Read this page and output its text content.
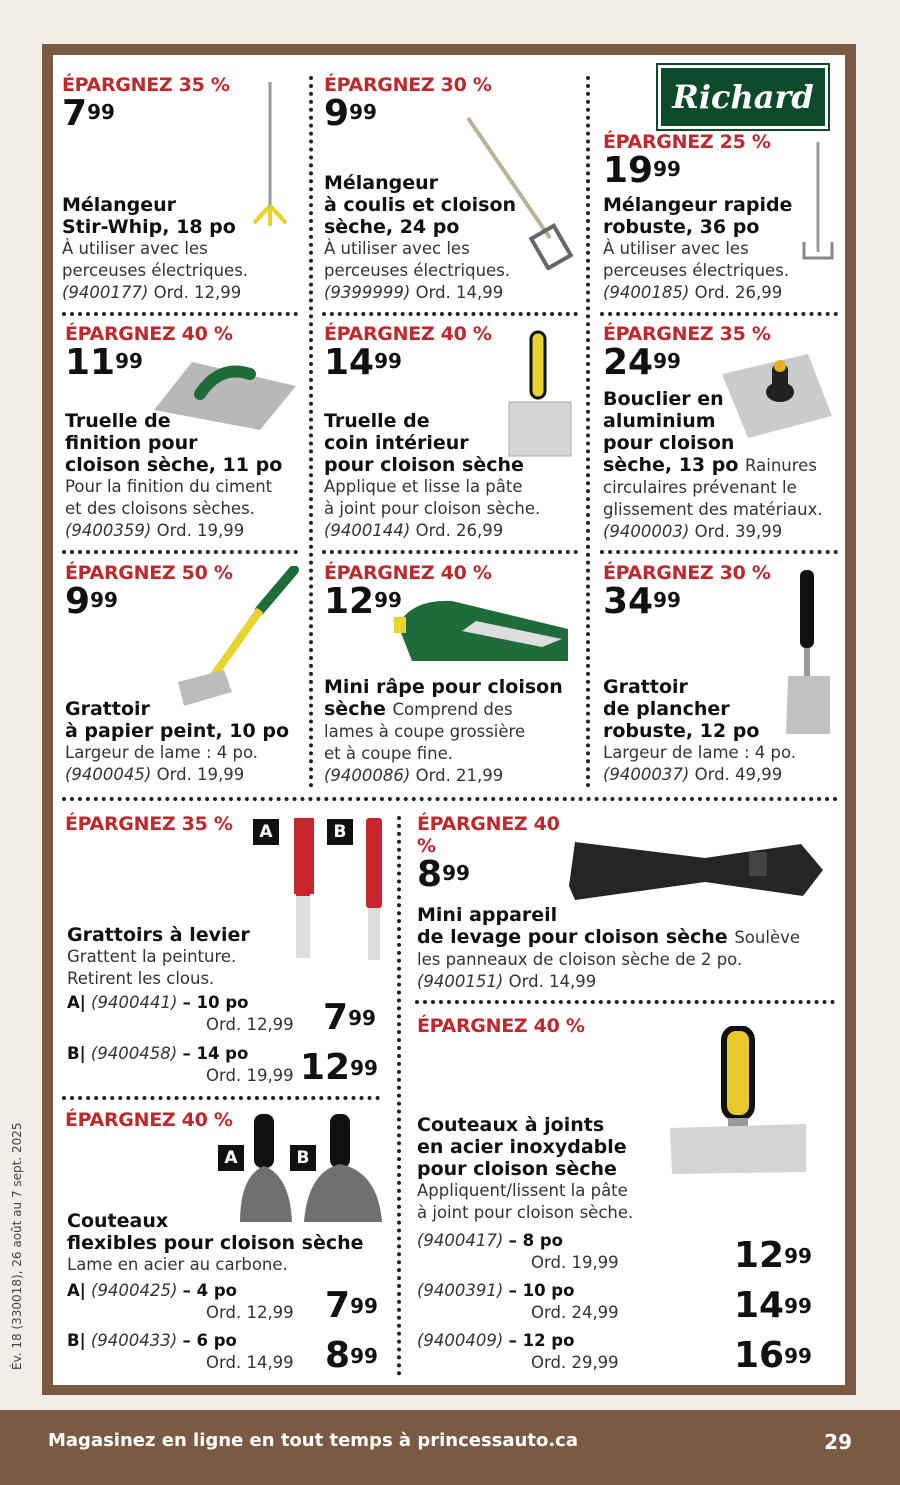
Richard
ÉPARGNEZ 35 %
$7^{99}$
Mélangeur
Stir-Whip, 18 po
À utiliser avec les
perceuses électriques.
(9400177) Ord. 12,99
ÉPARGNEZ 30 %
$9^{99}$
Mélangeur
à coulis et cloison
sèche, 24 po
À utiliser avec les
perceuses électriques.
(9399999) Ord. 14,99
ÉPARGNEZ 25 %
$19^{99}$
Mélangeur rapide
robuste, 36 po
À utiliser avec les
perceuses électriques.
(9400185) Ord. 26,99
ÉPARGNEZ 40 %
$11^{99}$
Truelle de
finition pour
cloison sèche, 11 po
Pour la finition du ciment
et des cloisons sèches.
(9400359) Ord. 19,99
ÉPARGNEZ 40 %
$14^{99}$
Truelle de
coin intérieur
pour cloison sèche
Applique et lisse la pâte
à joint pour cloison sèche.
(9400144) Ord. 26,99
ÉPARGNEZ 35 %
$24^{99}$
Bouclier en
aluminium
pour cloison
sèche, 13 po Rainures
circulaires prévenant le
glissement des matériaux.
(9400003) Ord. 39,99
ÉPARGNEZ 50 %
$9^{99}$
Grattoir
à papier peint, 10 po
Largeur de lame : 4 po.
(9400045) Ord. 19,99
ÉPARGNEZ 40 %
$12^{99}$
Mini râpe pour cloison
sèche Comprend des
lames à coupe grossière
et à coupe fine.
(9400086) Ord. 21,99
ÉPARGNEZ 30 %
$34^{99}$
Grattoir
de plancher
robuste, 12 po
Largeur de lame : 4 po.
(9400037) Ord. 49,99
ÉPARGNEZ 35 %	A	B
Grattoirs à levier
Grattent la peinture.
Retirent les clous.
A| (9400441) – 10 po
Ord. 12,99 $7^{99}$
B| (9400458) – 14 po
Ord. 19,99 $12^{99}$
ÉPARGNEZ 40 %
$8^{99}$
Mini appareil
de levage pour cloison sèche Soulève
les panneaux de cloison sèche de 2 po.
(9400151) Ord. 14,99
ÉPARGNEZ 40 %
A	B
Couteaux
flexibles pour cloison sèche
Lame en acier au carbone.
A| (9400425) – 4 po
Ord. 12,99 $7^{99}$
B| (9400433) – 6 po
Ord. 14,99 $8^{99}$
ÉPARGNEZ 40 %
Couteaux à joints
en acier inoxydable
pour cloison sèche
Appliquent/lissent la pâte
à joint pour cloison sèche.
(9400417) – 8 po
Ord. 19,99	$12^{99}$
(9400391) – 10 po
Ord. 24,99	$14^{99}$
(9400409) – 12 po
Ord. 29,99	$16^{99}$
Év. 18 (330018), 26 août au 7 sept. 2025
Magasinez en ligne en tout temps à princessauto.ca	29
